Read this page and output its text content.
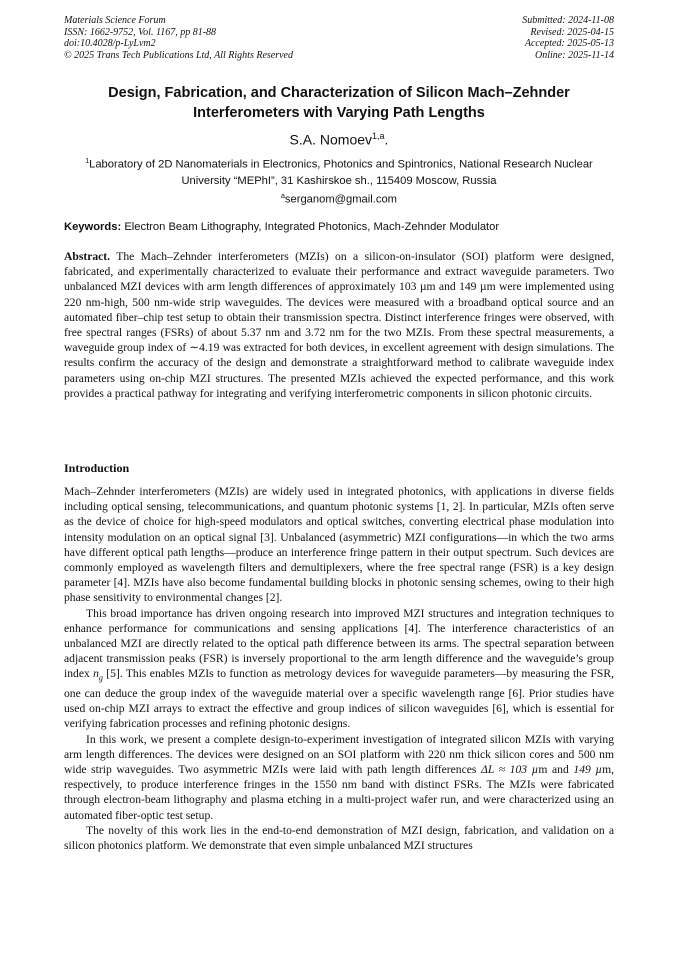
Materials Science Forum
ISSN: 1662-9752, Vol. 1167, pp 81-88
doi:10.4028/p-LyLvm2
© 2025 Trans Tech Publications Ltd, All Rights Reserved
Submitted: 2024-11-08
Revised: 2025-04-15
Accepted: 2025-05-13
Online: 2025-11-14
Design, Fabrication, and Characterization of Silicon Mach–Zehnder
Interferometers with Varying Path Lengths
S.A. Nomoev$^{1,a}$.
$^1$Laboratory of 2D Nanomaterials in Electronics, Photonics and Spintronics, National Research Nuclear University “MEPhI”, 31 Kashirskoe sh., 115409 Moscow, Russia
$^a$serganom@gmail.com
Keywords: Electron Beam Lithography, Integrated Photonics, Mach-Zehnder Modulator
Abstract. The Mach–Zehnder interferometers (MZIs) on a silicon-on-insulator (SOI) platform were designed, fabricated, and experimentally characterized to evaluate their performance and extract waveguide parameters. Two unbalanced MZI devices with arm length differences of approximately 103 µm and 149 µm were implemented using 220 nm-high, 500 nm-wide strip waveguides. The devices were measured with a broadband optical source and an automated fiber–chip test setup to obtain their transmission spectra. Distinct interference fringes were observed, with free spectral ranges (FSRs) of about 5.37 nm and 3.72 nm for the two MZIs. From these spectral measurements, a waveguide group index of ∼4.19 was extracted for both devices, in excellent agreement with design simulations. The results confirm the accuracy of the design and demonstrate a straightforward method to calibrate waveguide index parameters using on-chip MZI structures. The presented MZIs achieved the expected performance, and this work provides a practical pathway for integrating and verifying interferometric components in silicon photonic circuits.
Introduction

Mach–Zehnder interferometers (MZIs) are widely used in integrated photonics, with applications in diverse fields including optical sensing, telecommunications, and quantum photonic systems [1, 2]. In particular, MZIs often serve as the device of choice for high-speed modulators and optical switches, converting electrical phase modulation into intensity modulation on an optical signal [3]. Unbalanced (asymmetric) MZI configurations—in which the two arms have different optical path lengths—produce an interference fringe pattern in their output spectrum. Such devices are commonly employed as wavelength filters and demultiplexers, where the free spectral range (FSR) is a key design parameter [4]. MZIs have also become fundamental building blocks in photonic sensing schemes, owing to their high phase sensitivity to environmental changes [2].

This broad importance has driven ongoing research into improved MZI structures and integration techniques to enhance performance for communications and sensing applications [4]. The interference characteristics of an unbalanced MZI are directly related to the optical path difference between its arms. The spectral separation between adjacent transmission peaks (FSR) is inversely proportional to the arm length difference and the waveguide’s group index $n_g$ [5]. This enables MZIs to function as metrology devices for waveguide parameters—by measuring the FSR, one can deduce the group index of the waveguide material over a specific wavelength range [6]. Prior studies have used on-chip MZI arrays to extract the effective and group indices of silicon waveguides [6], which is essential for verifying fabrication processes and refining photonic designs.

In this work, we present a complete design-to-experiment investigation of integrated silicon MZIs with varying arm length differences. The devices were designed on an SOI platform with 220 nm thick silicon cores and 500 nm wide strip waveguides. Two asymmetric MZIs were laid with path length differences ΔL ≈ 103 µm and 149 µm, respectively, to produce interference fringes in the 1550 nm band with distinct FSRs. The MZIs were fabricated through electron-beam lithography and plasma etching in a multi-project wafer run, and were characterized using an automated fiber-optic test setup.

The novelty of this work lies in the end-to-end demonstration of MZI design, fabrication, and validation on a silicon photonics platform. We demonstrate that even simple unbalanced MZI structures
